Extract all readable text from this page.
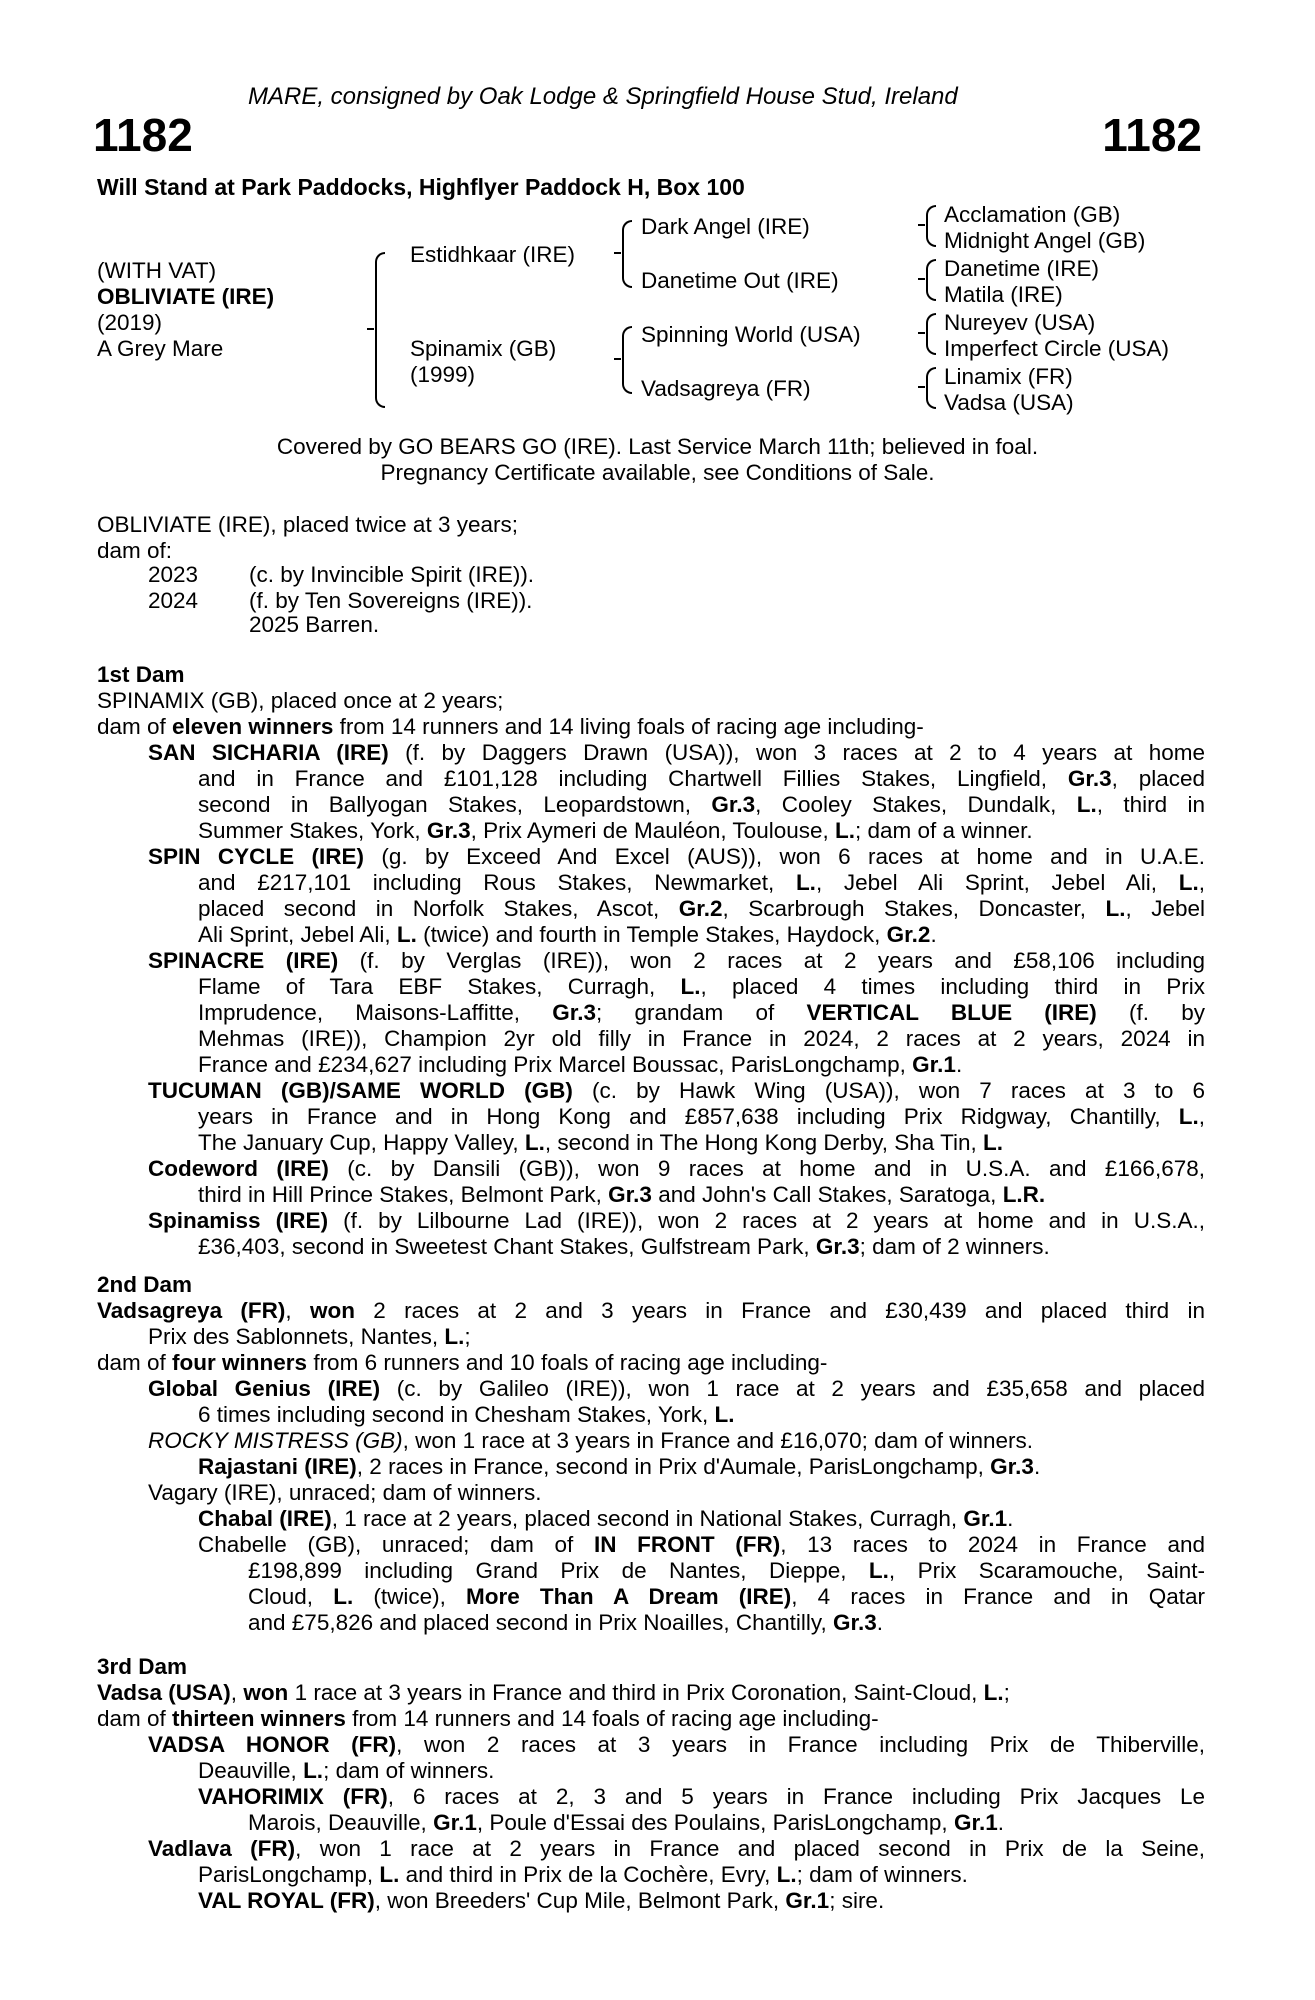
MARE, consigned by Oak Lodge & Springfield House Stud, Ireland
1182	1182
Will Stand at Park Paddocks, Highflyer Paddock H, Box 100
(WITH VAT)
OBLIVIATE (IRE)
(2019)
A Grey Mare
Estidhkaar (IRE)
Spinamix (GB)
(1999)
Dark Angel (IRE)
Danetime Out (IRE)
Spinning World (USA)
Vadsagreya (FR)
Acclamation (GB)
Midnight Angel (GB)
Danetime (IRE)
Matila (IRE)
Nureyev (USA)
Imperfect Circle (USA)
Linamix (FR)
Vadsa (USA)
Covered by GO BEARS GO (IRE). Last Service March 11th; believed in foal.
Pregnancy Certificate available, see Conditions of Sale.
OBLIVIATE (IRE), placed twice at 3 years;
dam of:
2023 (c. by Invincible Spirit (IRE)).
2024 (f. by Ten Sovereigns (IRE)).
2025 Barren.
1st Dam
SPINAMIX (GB), placed once at 2 years;
dam of eleven winners from 14 runners and 14 living foals of racing age including-
SAN SICHARIA (IRE) (f. by Daggers Drawn (USA)), won 3 races at 2 to 4 years at home
and in France and £101,128 including Chartwell Fillies Stakes, Lingfield, Gr.3, placed
second in Ballyogan Stakes, Leopardstown, Gr.3, Cooley Stakes, Dundalk, L., third in
Summer Stakes, York, Gr.3, Prix Aymeri de Mauléon, Toulouse, L.; dam of a winner.
SPIN CYCLE (IRE) (g. by Exceed And Excel (AUS)), won 6 races at home and in U.A.E.
and £217,101 including Rous Stakes, Newmarket, L., Jebel Ali Sprint, Jebel Ali, L.,
placed second in Norfolk Stakes, Ascot, Gr.2, Scarbrough Stakes, Doncaster, L., Jebel
Ali Sprint, Jebel Ali, L. (twice) and fourth in Temple Stakes, Haydock, Gr.2.
SPINACRE (IRE) (f. by Verglas (IRE)), won 2 races at 2 years and £58,106 including
Flame of Tara EBF Stakes, Curragh, L., placed 4 times including third in Prix
Imprudence, Maisons-Laffitte, Gr.3; grandam of VERTICAL BLUE (IRE) (f. by
Mehmas (IRE)), Champion 2yr old filly in France in 2024, 2 races at 2 years, 2024 in
France and £234,627 including Prix Marcel Boussac, ParisLongchamp, Gr.1.
TUCUMAN (GB)/SAME WORLD (GB) (c. by Hawk Wing (USA)), won 7 races at 3 to 6
years in France and in Hong Kong and £857,638 including Prix Ridgway, Chantilly, L.,
The January Cup, Happy Valley, L., second in The Hong Kong Derby, Sha Tin, L.
Codeword (IRE) (c. by Dansili (GB)), won 9 races at home and in U.S.A. and £166,678,
third in Hill Prince Stakes, Belmont Park, Gr.3 and John's Call Stakes, Saratoga, L.R.
Spinamiss (IRE) (f. by Lilbourne Lad (IRE)), won 2 races at 2 years at home and in U.S.A.,
£36,403, second in Sweetest Chant Stakes, Gulfstream Park, Gr.3; dam of 2 winners.
2nd Dam
Vadsagreya (FR), won 2 races at 2 and 3 years in France and £30,439 and placed third in
Prix des Sablonnets, Nantes, L.;
dam of four winners from 6 runners and 10 foals of racing age including-
Global Genius (IRE) (c. by Galileo (IRE)), won 1 race at 2 years and £35,658 and placed
6 times including second in Chesham Stakes, York, L.
ROCKY MISTRESS (GB), won 1 race at 3 years in France and £16,070; dam of winners.
Rajastani (IRE), 2 races in France, second in Prix d'Aumale, ParisLongchamp, Gr.3.
Vagary (IRE), unraced; dam of winners.
Chabal (IRE), 1 race at 2 years, placed second in National Stakes, Curragh, Gr.1.
Chabelle (GB), unraced; dam of IN FRONT (FR), 13 races to 2024 in France and
£198,899 including Grand Prix de Nantes, Dieppe, L., Prix Scaramouche, Saint-
Cloud, L. (twice), More Than A Dream (IRE), 4 races in France and in Qatar
and £75,826 and placed second in Prix Noailles, Chantilly, Gr.3.
3rd Dam
Vadsa (USA), won 1 race at 3 years in France and third in Prix Coronation, Saint-Cloud, L.;
dam of thirteen winners from 14 runners and 14 foals of racing age including-
VADSA HONOR (FR), won 2 races at 3 years in France including Prix de Thiberville,
Deauville, L.; dam of winners.
VAHORIMIX (FR), 6 races at 2, 3 and 5 years in France including Prix Jacques Le
Marois, Deauville, Gr.1, Poule d'Essai des Poulains, ParisLongchamp, Gr.1.
Vadlava (FR), won 1 race at 2 years in France and placed second in Prix de la Seine,
ParisLongchamp, L. and third in Prix de la Cochère, Evry, L.; dam of winners.
VAL ROYAL (FR), won Breeders' Cup Mile, Belmont Park, Gr.1; sire.
